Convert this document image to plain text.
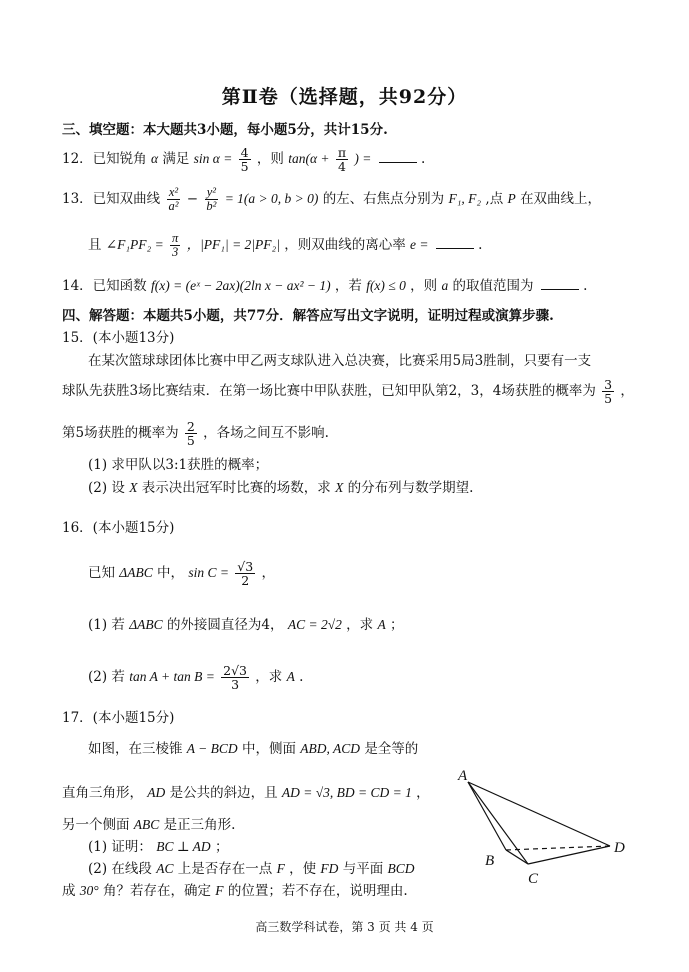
第Ⅱ卷（选择题，共92分）
三、填空题：本大题共3小题，每小题5分，共计15分.
12．已知锐角 α 满足 $\sin \alpha = \frac{4}{5}$ ，则 $\tan(\alpha + \frac{\pi}{4}$ ) =	.
13．已知双曲线 $\frac{\text{x²}}{\text{a²}} - \frac{\text{y²}}{\text{b²}} = 1(a > 0$, b > 0) 的左、右焦点分别为 F₁, F₂ ,点 P 在双曲线上，
且 ∠F₁PF₂ = $\frac{\pi}{3}$ ，|PF₁| = 2|PF₂| ，则双曲线的离心率 e =	.
14．已知函数 f(x) = (eˣ − 2ax)(2ln x − ax² − 1) ，若 f(x) ≤ 0 ，则 a 的取值范围为	.
四、解答题：本题共5小题，共77分．解答应写出文字说明，证明过程或演算步骤.
15．(本小题13分)
在某次篮球球团体比赛中甲乙两支球队进入总决赛，比赛采用5局3胜制，只要有一支
球队先获胜3场比赛结束．在第一场比赛中甲队获胜，已知甲队第2，3，4场获胜的概率为 $\frac{3}{5}$ ，
第5场获胜的概率为 $\frac{2}{5}$ ，各场之间互不影响.
(1) 求甲队以3:1获胜的概率；
(2) 设 X 表示决出冠军时比赛的场数，求 X 的分布列与数学期望.
16．(本小题15分)
已知 ΔABC 中， $\sin C = \frac{√3}{2}$ ，
(1) 若 ΔABC 的外接圆直径为4， AC = 2√2 ，求 A ；
(2) 若 $\tan A + \tan B = \frac{2√3}{3}$ ，求 A .
17．(本小题15分)
如图，在三棱锥 A − BCD 中，侧面 ABD, ACD 是全等的
直角三角形， AD 是公共的斜边，且 AD = √3, BD = CD = 1 ，
另一个侧面 ABC 是正三角形.
(1) 证明： BC ⊥ AD ；
(2) 在线段 AC 上是否存在一点 F ，使 FD 与平面 BCD
成 30° 角？若存在，确定 F 的位置；若不存在，说明理由.
A
B
C
D
高三数学科试卷，第 3 页 共 4 页
